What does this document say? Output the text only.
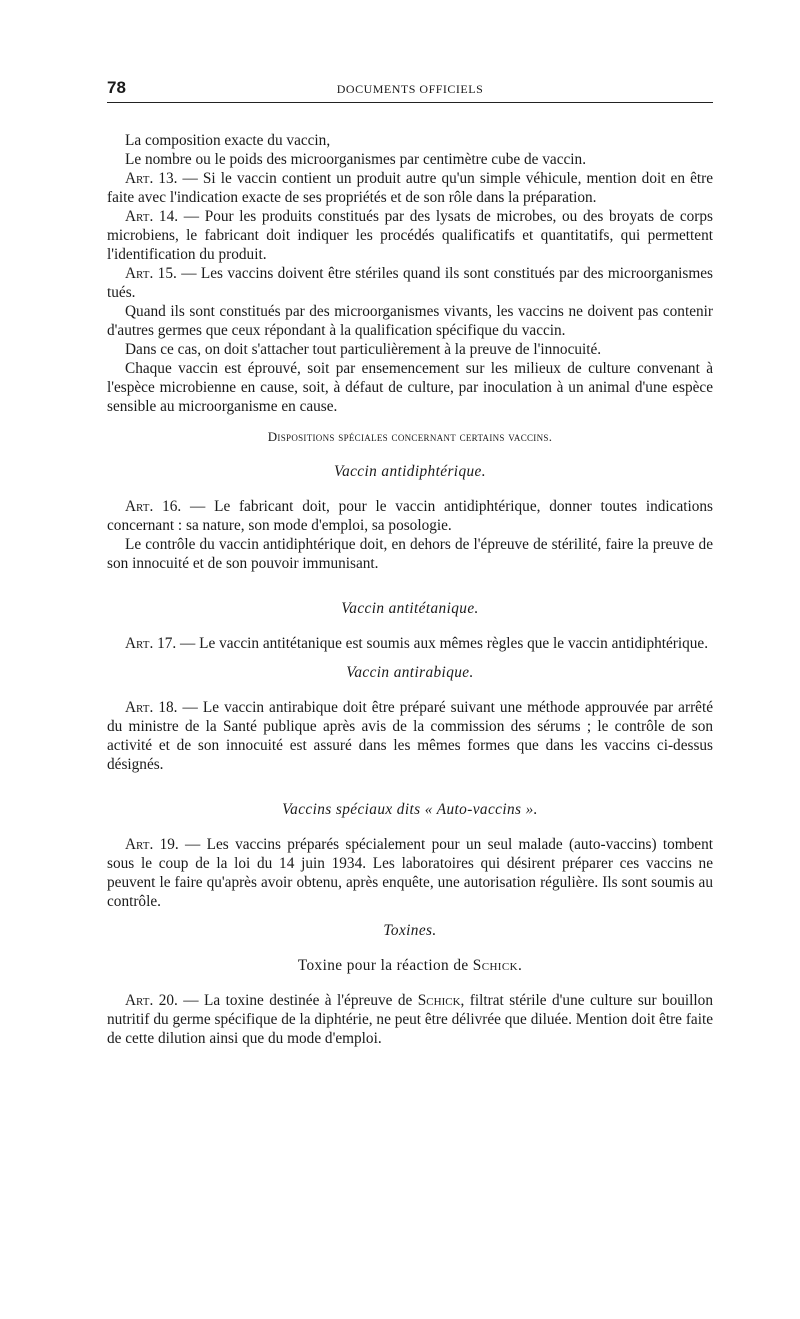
78	DOCUMENTS OFFICIELS

La composition exacte du vaccin,

Le nombre ou le poids des microorganismes par centimètre cube de vaccin.

Art. 13. — Si le vaccin contient un produit autre qu'un simple véhicule, mention doit en être faite avec l'indication exacte de ses propriétés et de son rôle dans la préparation.

Art. 14. — Pour les produits constitués par des lysats de microbes, ou des broyats de corps microbiens, le fabricant doit indiquer les procédés qualificatifs et quantitatifs, qui permettent l'identification du produit.

Art. 15. — Les vaccins doivent être stériles quand ils sont constitués par des microorganismes tués.

Quand ils sont constitués par des microorganismes vivants, les vaccins ne doivent pas contenir d'autres germes que ceux répondant à la qualification spécifique du vaccin.

Dans ce cas, on doit s'attacher tout particulièrement à la preuve de l'innocuité.

Chaque vaccin est éprouvé, soit par ensemencement sur les milieux de culture convenant à l'espèce microbienne en cause, soit, à défaut de culture, par inoculation à un animal d'une espèce sensible au microorganisme en cause.

Dispositions spéciales concernant certains vaccins.
Vaccin antidiphtérique.

Art. 16. — Le fabricant doit, pour le vaccin antidiphtérique, donner toutes indications concernant : sa nature, son mode d'emploi, sa posologie.

Le contrôle du vaccin antidiphtérique doit, en dehors de l'épreuve de stérilité, faire la preuve de son innocuité et de son pouvoir immunisant.

Vaccin antitétanique.

Art. 17. — Le vaccin antitétanique est soumis aux mêmes règles que le vaccin antidiphtérique.

Vaccin antirabique.

Art. 18. — Le vaccin antirabique doit être préparé suivant une méthode approuvée par arrêté du ministre de la Santé publique après avis de la commission des sérums ; le contrôle de son activité et de son innocuité est assuré dans les mêmes formes que dans les vaccins ci-dessus désignés.

Vaccins spéciaux dits « Auto-vaccins ».

Art. 19. — Les vaccins préparés spécialement pour un seul malade (auto-vaccins) tombent sous le coup de la loi du 14 juin 1934. Les laboratoires qui désirent préparer ces vaccins ne peuvent le faire qu'après avoir obtenu, après enquête, une autorisation régulière. Ils sont soumis au contrôle.

Toxines.
Toxine pour la réaction de Schick.

Art. 20. — La toxine destinée à l'épreuve de Schick, filtrat stérile d'une culture sur bouillon nutritif du germe spécifique de la diphtérie, ne peut être délivrée que diluée. Mention doit être faite de cette dilution ainsi que du mode d'emploi.
